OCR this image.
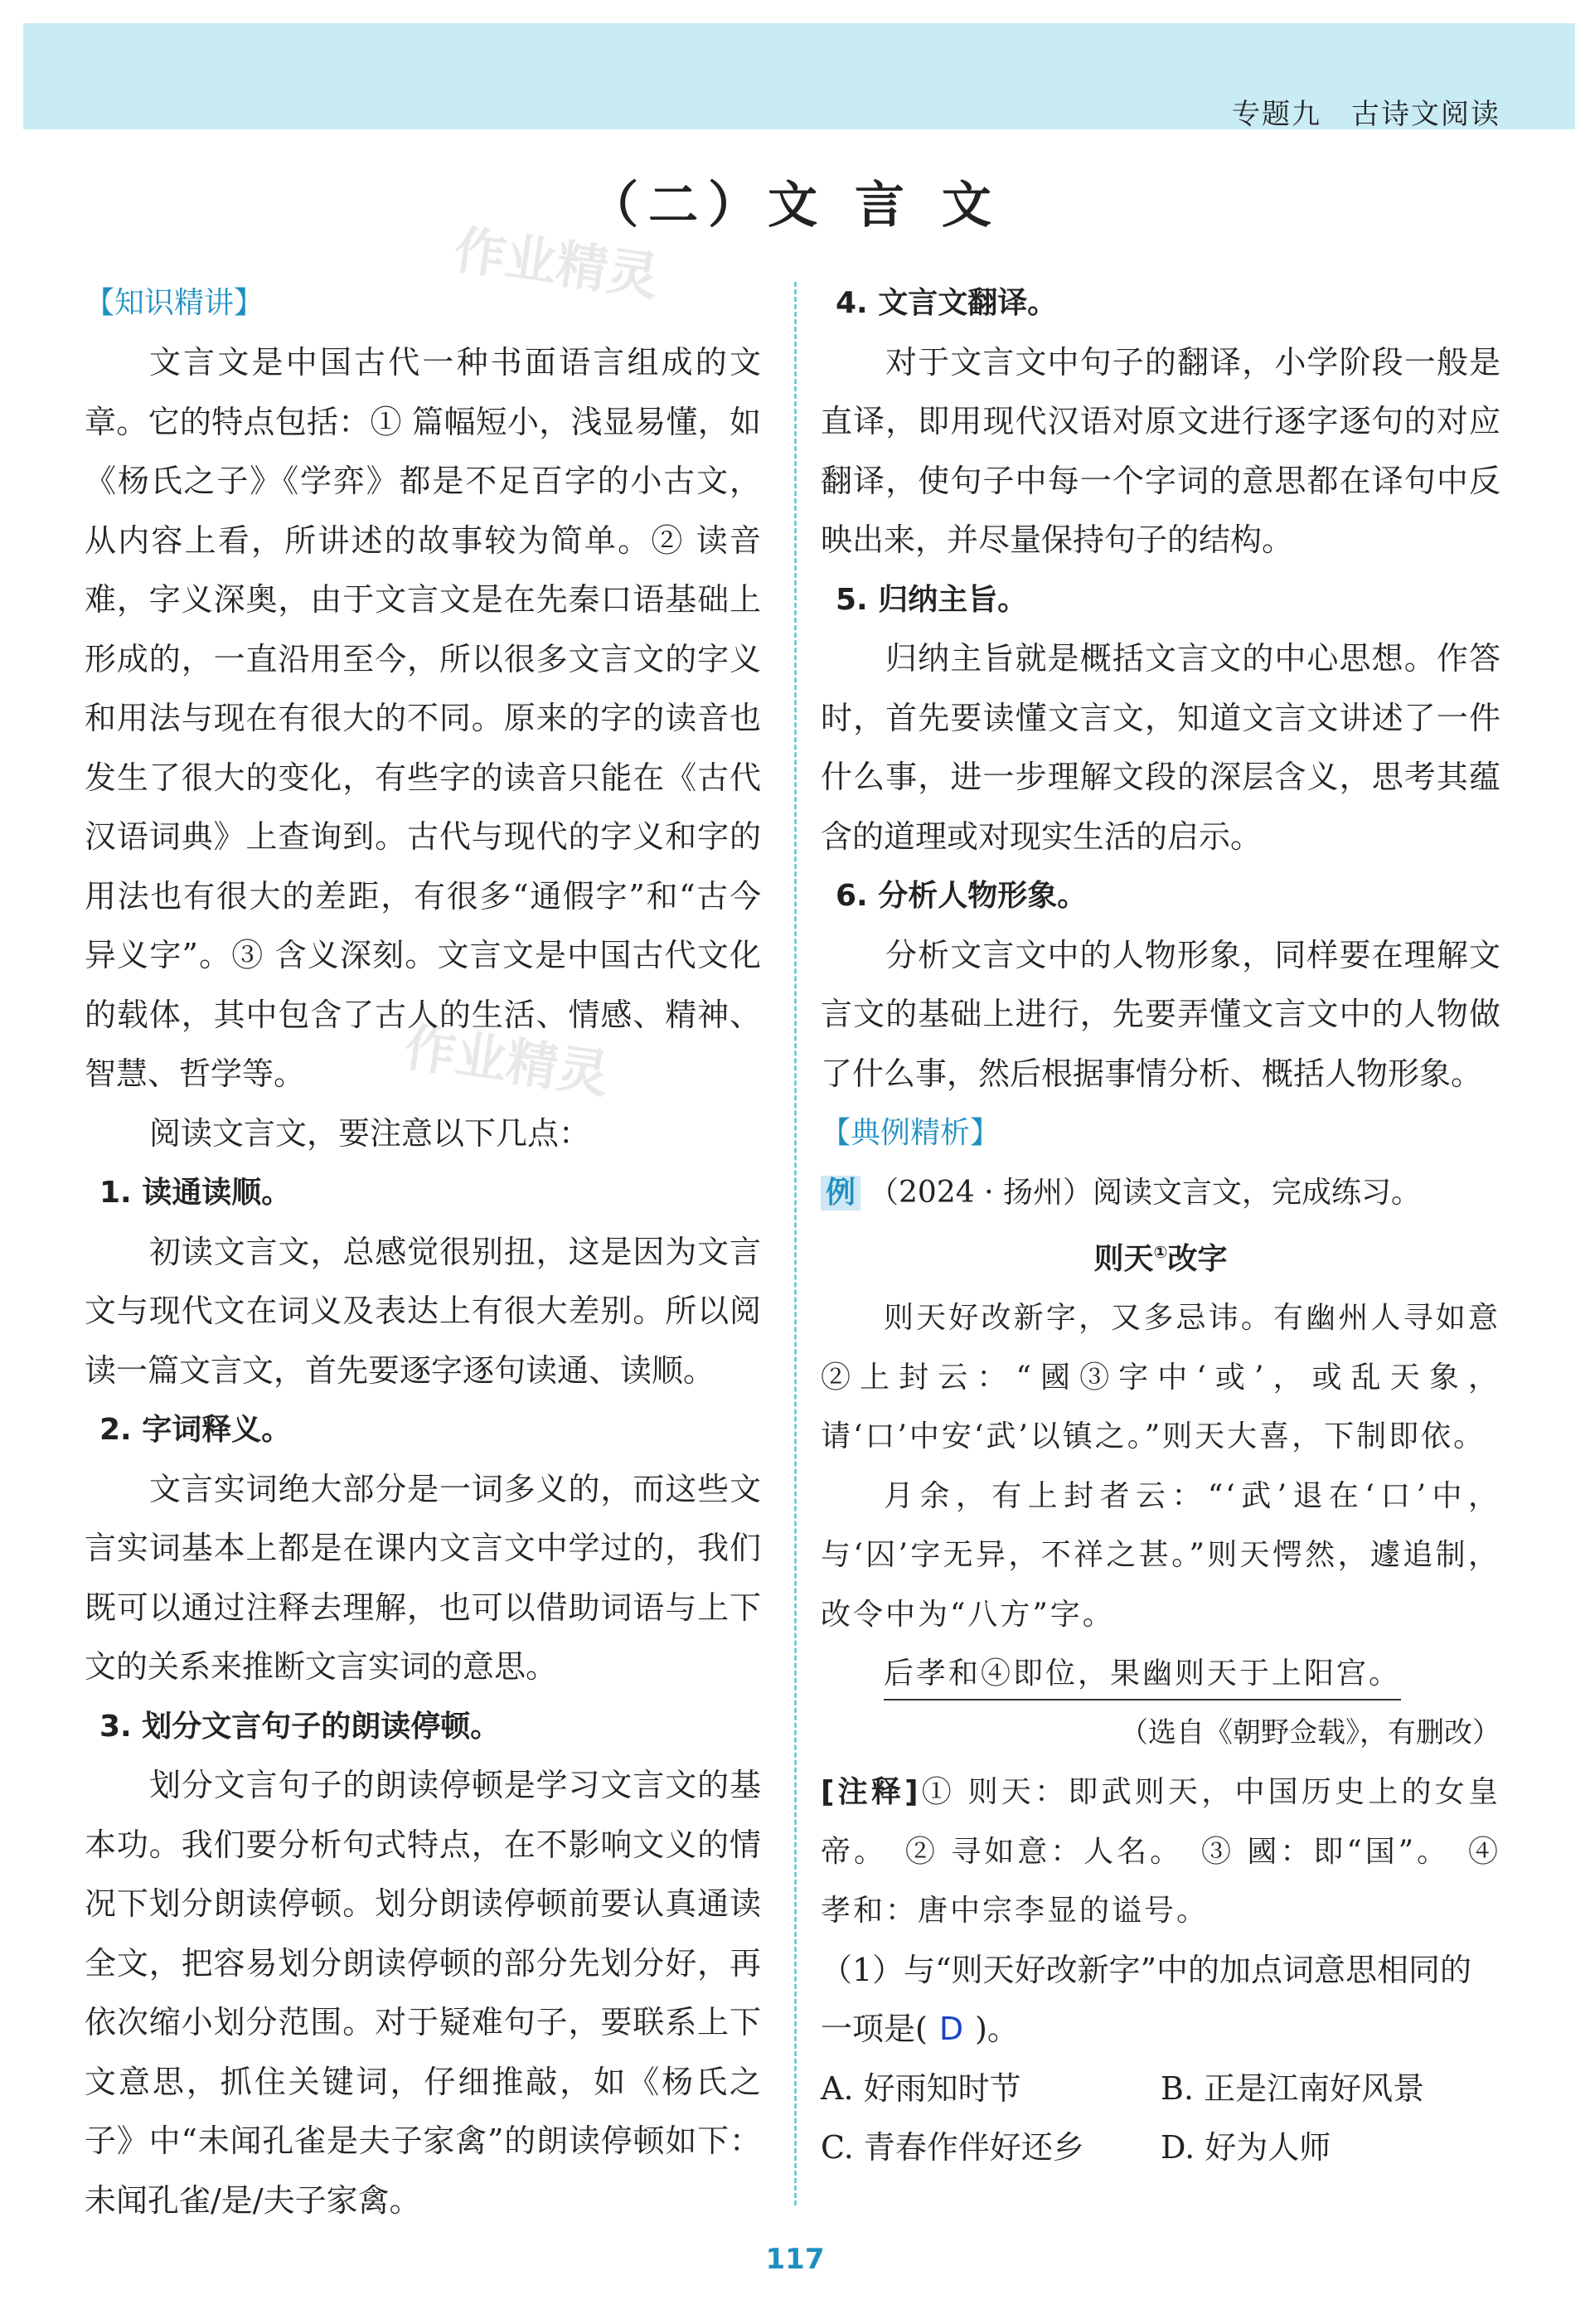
专题九　古诗文阅读
（二）文 言 文
作业精灵
作业精灵
【知识精讲】

文言文是中国古代一种书面语言组成的文章。它的特点包括：① 篇幅短小，浅显易懂，如《杨氏之子》《学弈》都是不足百字的小古文，从内容上看，所讲述的故事较为简单。② 读音难，字义深奥，由于文言文是在先秦口语基础上形成的，一直沿用至今，所以很多文言文的字义和用法与现在有很大的不同。原来的字的读音也发生了很大的变化，有些字的读音只能在《古代汉语词典》上查询到。古代与现代的字义和字的用法也有很大的差距，有很多“通假字”和“古今异义字”。③ 含义深刻。文言文是中国古代文化的载体，其中包含了古人的生活、情感、精神、智慧、哲学等。

阅读文言文，要注意以下几点：

1. 读通读顺。

初读文言文，总感觉很别扭，这是因为文言文与现代文在词义及表达上有很大差别。所以阅读一篇文言文，首先要逐字逐句读通、读顺。

2. 字词释义。

文言实词绝大部分是一词多义的，而这些文言实词基本上都是在课内文言文中学过的，我们既可以通过注释去理解，也可以借助词语与上下文的关系来推断文言实词的意思。

3. 划分文言句子的朗读停顿。

划分文言句子的朗读停顿是学习文言文的基本功。我们要分析句式特点，在不影响文义的情况下划分朗读停顿。划分朗读停顿前要认真通读全文，把容易划分朗读停顿的部分先划分好，再依次缩小划分范围。对于疑难句子，要联系上下文意思，抓住关键词，仔细推敲，如《杨氏之子》中“未闻孔雀是夫子家禽”的朗读停顿如下：未闻孔雀/是/夫子家禽。

4. 文言文翻译。

对于文言文中句子的翻译，小学阶段一般是直译，即用现代汉语对原文进行逐字逐句的对应翻译，使句子中每一个字词的意思都在译句中反映出来，并尽量保持句子的结构。

5. 归纳主旨。

归纳主旨就是概括文言文的中心思想。作答时，首先要读懂文言文，知道文言文讲述了一件什么事，进一步理解文段的深层含义，思考其蕴含的道理或对现实生活的启示。

6. 分析人物形象。

分析文言文中的人物形象，同样要在理解文言文的基础上进行，先要弄懂文言文中的人物做了什么事，然后根据事情分析、概括人物形象。

【典例精析】
例 （2024 · 扬州）阅读文言文，完成练习。
则天①改字
则天好改新字，又多忌讳。有幽州人寻如意②上封云：“國③字中‘或’，或乱天象，请‘口’中安‘武’以镇之。”则天大喜，下制即依。
月余，有上封者云：“‘武’退在‘口’中，与‘囚’字无异，不祥之甚。”则天愕然，遽追制，改令中为“八方”字。
后孝和④即位，果幽则天于上阳宫。
（选自《朝野佥载》，有删改）
[注释]① 则天：即武则天，中国历史上的女皇帝。　② 寻如意：人名。　③ 國：即“国”。　④ 孝和：唐中宗李显的谥号。
（1）与“则天好改新字”中的加点词意思相同的一项是( D )。
A. 好雨知时节	B. 正是江南好风景
C. 青春作伴好还乡	D. 好为人师
117
